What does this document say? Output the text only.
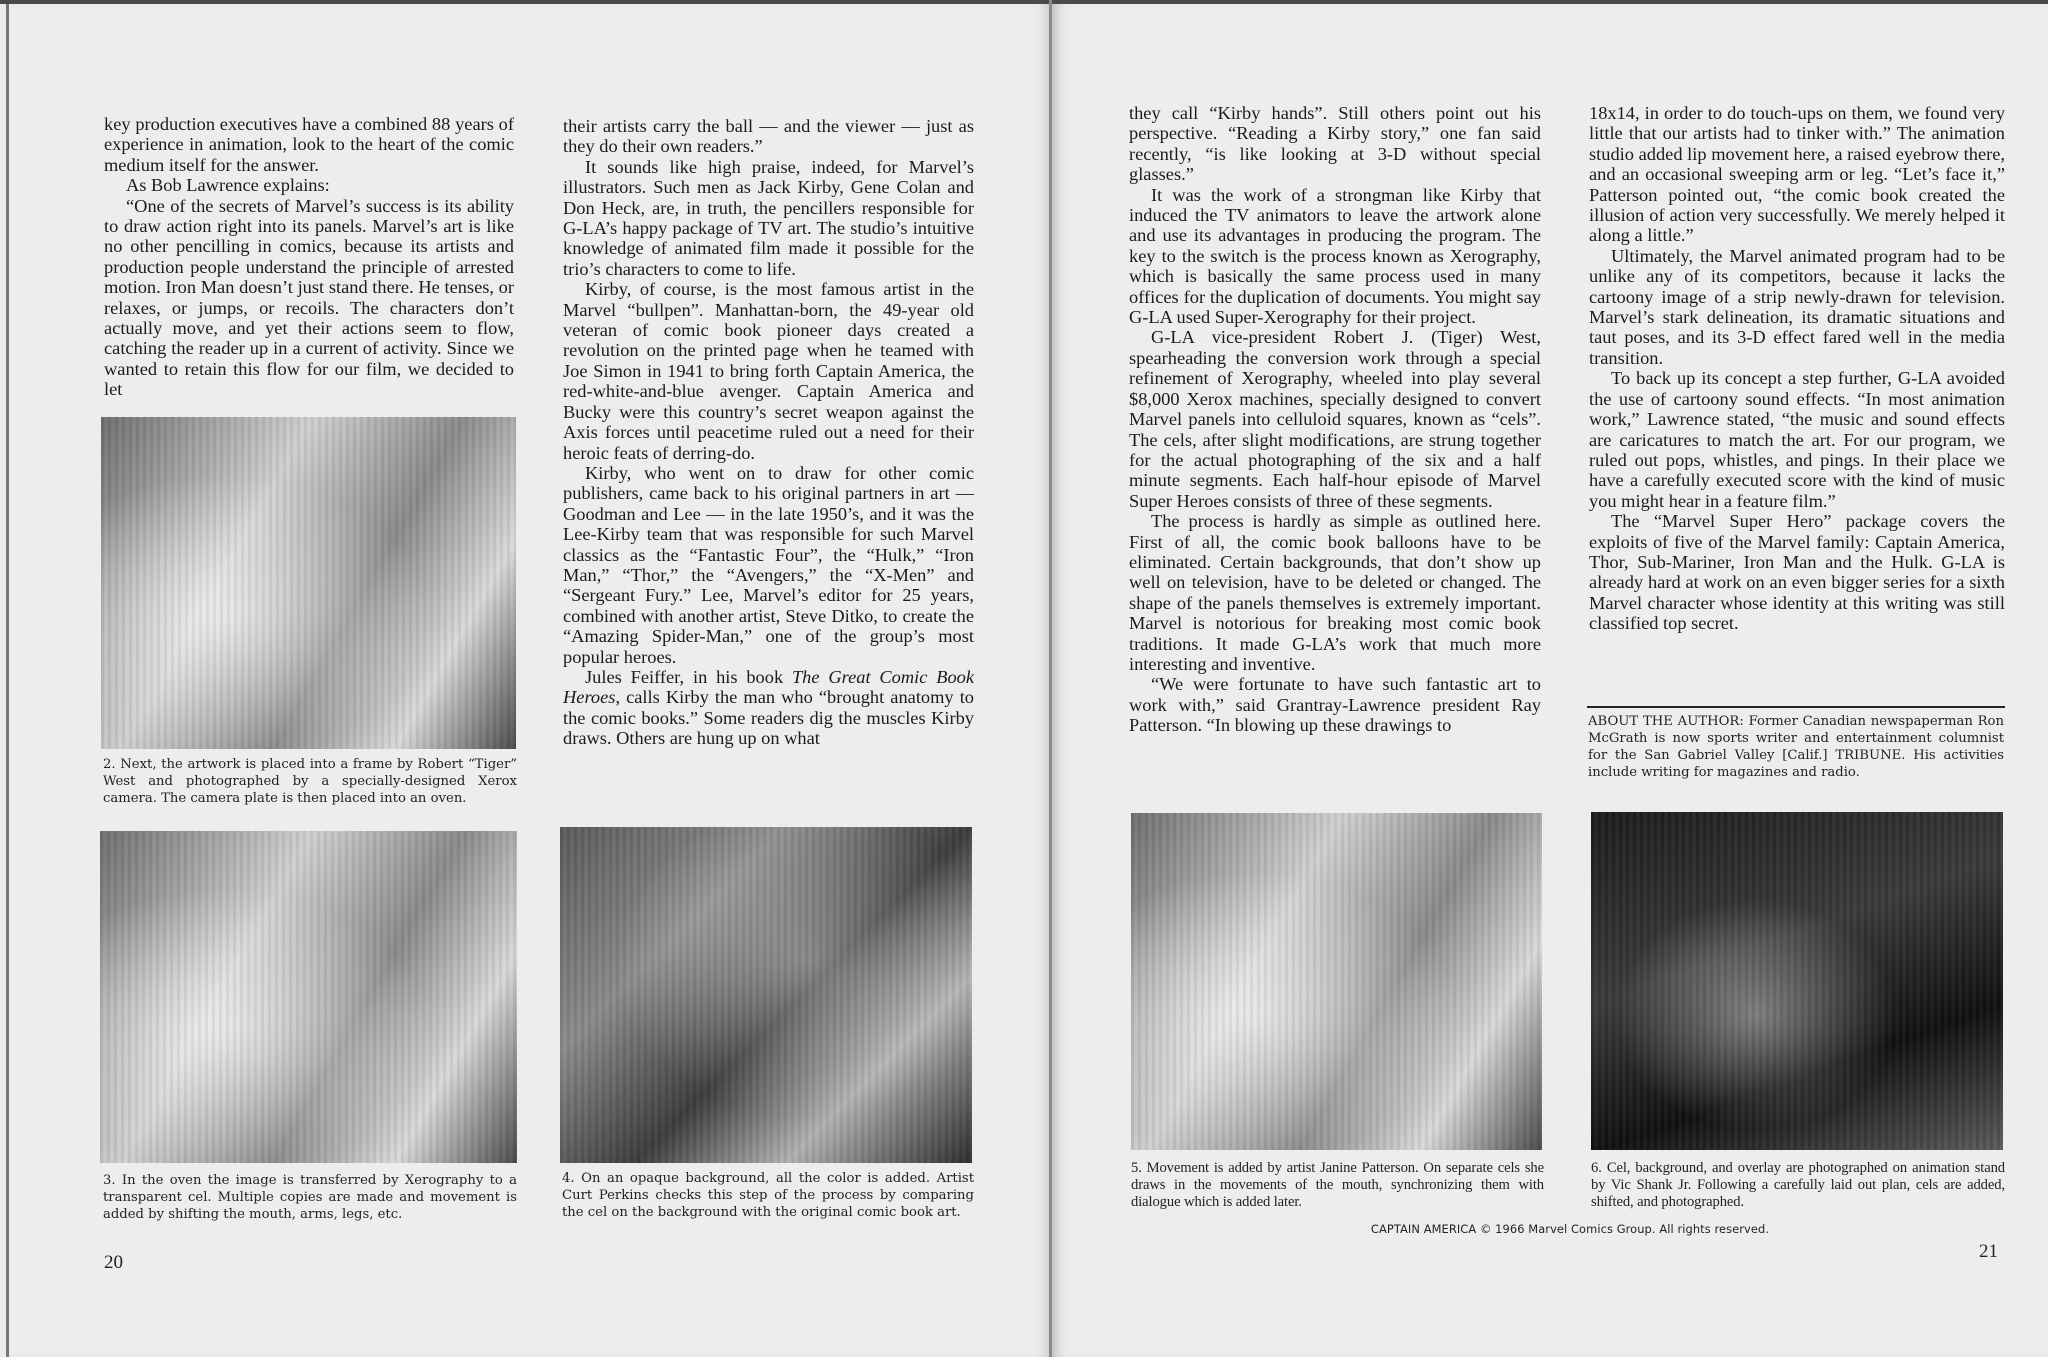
key production executives have a combined 88 years of experience in animation, look to the heart of the comic medium itself for the answer.

As Bob Lawrence explains:

“One of the secrets of Marvel’s success is its ability to draw action right into its panels. Marvel’s art is like no other pencilling in comics, because its artists and production people understand the principle of arrested motion. Iron Man doesn’t just stand there. He tenses, or relaxes, or jumps, or recoils. The characters don’t actually move, and yet their actions seem to flow, catching the reader up in a current of activity. Since we wanted to retain this flow for our film, we decided to let

2. Next, the artwork is placed into a frame by Robert “Tiger” West and photographed by a specially-designed Xerox camera. The camera plate is then placed into an oven.
3. In the oven the image is transferred by Xerography to a transparent cel. Multiple copies are made and movement is added by shifting the mouth, arms, legs, etc.

their artists carry the ball — and the viewer — just as they do their own readers.”

It sounds like high praise, indeed, for Marvel’s illustrators. Such men as Jack Kirby, Gene Colan and Don Heck, are, in truth, the pencillers responsible for G-LA’s happy package of TV art. The studio’s intuitive knowledge of animated film made it possible for the trio’s characters to come to life.

Kirby, of course, is the most famous artist in the Marvel “bullpen”. Manhattan-born, the 49-year old veteran of comic book pioneer days created a revolution on the printed page when he teamed with Joe Simon in 1941 to bring forth Captain America, the red-white-and-blue avenger. Captain America and Bucky were this country’s secret weapon against the Axis forces until peacetime ruled out a need for their heroic feats of derring-do.

Kirby, who went on to draw for other comic publishers, came back to his original partners in art — Goodman and Lee — in the late 1950’s, and it was the Lee-Kirby team that was responsible for such Marvel classics as the “Fantastic Four”, the “Hulk,” “Iron Man,” “Thor,” the “Avengers,” the “X-Men” and “Sergeant Fury.” Lee, Marvel’s editor for 25 years, combined with another artist, Steve Ditko, to create the “Amazing Spider-Man,” one of the group’s most popular heroes.

Jules Feiffer, in his book The Great Comic Book Heroes, calls Kirby the man who “brought anatomy to the comic books.” Some readers dig the muscles Kirby draws. Others are hung up on what

4. On an opaque background, all the color is added. Artist Curt Perkins checks this step of the process by comparing the cel on the background with the original comic book art.
20

they call “Kirby hands”. Still others point out his perspective. “Reading a Kirby story,” one fan said recently, “is like looking at 3-D without special glasses.”

It was the work of a strongman like Kirby that induced the TV animators to leave the artwork alone and use its advantages in producing the program. The key to the switch is the process known as Xerography, which is basically the same process used in many offices for the duplication of documents. You might say G-LA used Super-Xerography for their project.

G-LA vice-president Robert J. (Tiger) West, spearheading the conversion work through a special refinement of Xerography, wheeled into play several $8,000 Xerox machines, specially designed to convert Marvel panels into celluloid squares, known as “cels”. The cels, after slight modifications, are strung together for the actual photographing of the six and a half minute segments. Each half-hour episode of Marvel Super Heroes consists of three of these segments.

The process is hardly as simple as outlined here. First of all, the comic book balloons have to be eliminated. Certain backgrounds, that don’t show up well on television, have to be deleted or changed. The shape of the panels themselves is extremely important. Marvel is notorious for breaking most comic book traditions. It made G-LA’s work that much more interesting and inventive.

“We were fortunate to have such fantastic art to work with,” said Grantray-Lawrence president Ray Patterson. “In blowing up these drawings to

18x14, in order to do touch-ups on them, we found very little that our artists had to tinker with.” The animation studio added lip movement here, a raised eyebrow there, and an occasional sweeping arm or leg. “Let’s face it,” Patterson pointed out, “the comic book created the illusion of action very successfully. We merely helped it along a little.”

Ultimately, the Marvel animated program had to be unlike any of its competitors, because it lacks the cartoony image of a strip newly-drawn for television. Marvel’s stark delineation, its dramatic situations and taut poses, and its 3-D effect fared well in the media transition.

To back up its concept a step further, G-LA avoided the use of cartoony sound effects. “In most animation work,” Lawrence stated, “the music and sound effects are caricatures to match the art. For our program, we ruled out pops, whistles, and pings. In their place we have a carefully executed score with the kind of music you might hear in a feature film.”

The “Marvel Super Hero” package covers the exploits of five of the Marvel family: Captain America, Thor, Sub-Mariner, Iron Man and the Hulk. G-LA is already hard at work on an even bigger series for a sixth Marvel character whose identity at this writing was still classified top secret.

ABOUT THE AUTHOR: Former Canadian newspaperman Ron McGrath is now sports writer and entertainment columnist for the San Gabriel Valley [Calif.] TRIBUNE. His activities include writing for magazines and radio.
5. Movement is added by artist Janine Patterson. On separate cels she draws in the movements of the mouth, synchronizing them with dialogue which is added later.
6. Cel, background, and overlay are photographed on animation stand by Vic Shank Jr. Following a carefully laid out plan, cels are added, shifted, and photographed.
CAPTAIN AMERICA © 1966 Marvel Comics Group. All rights reserved.
21
